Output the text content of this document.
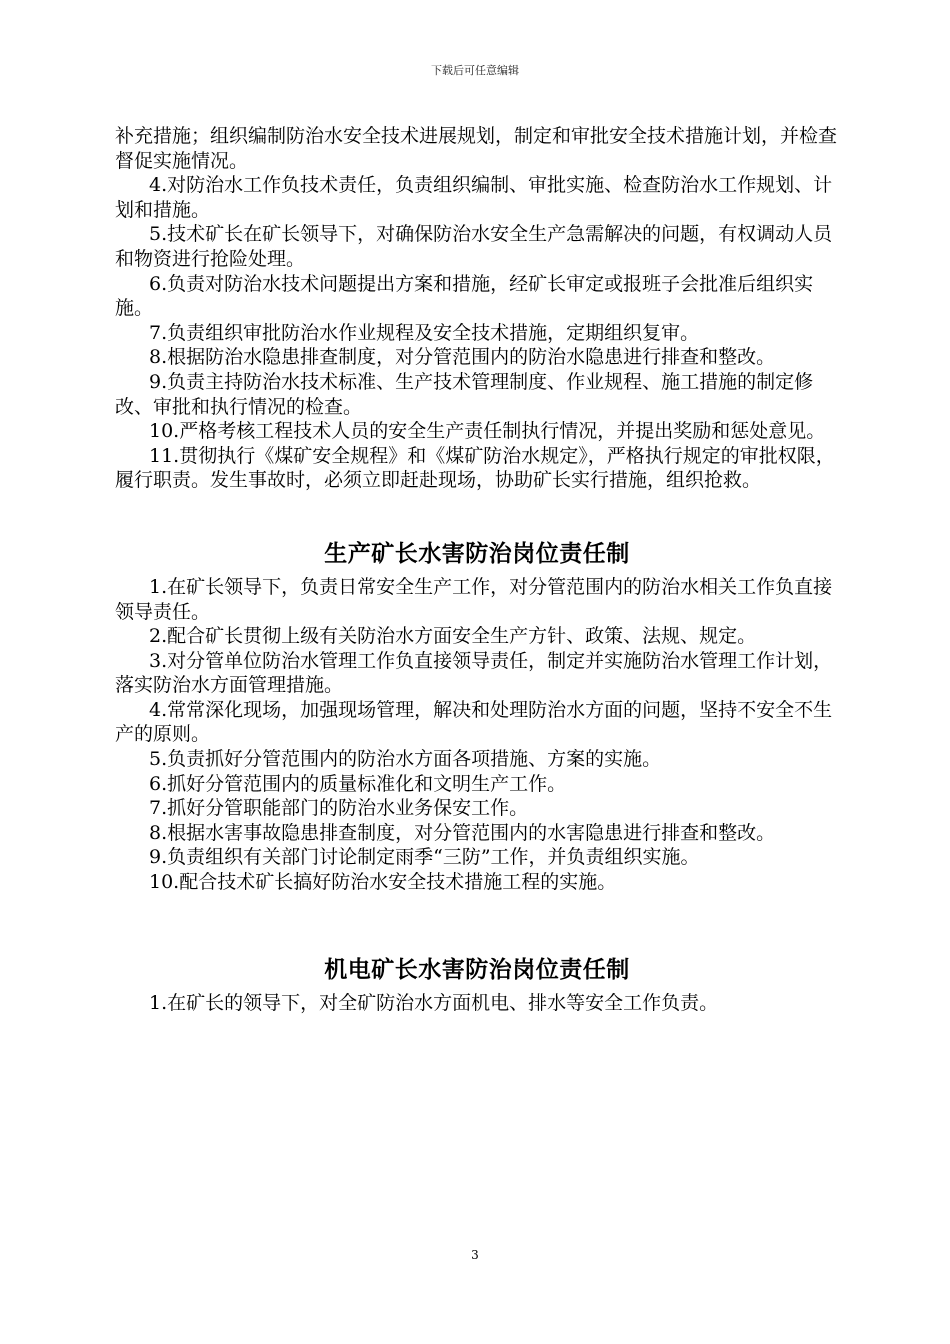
下载后可任意编辑

补充措施；组织编制防治水安全技术进展规划，制定和审批安全技术措施计划，并检查督促实施情况。

4.对防治水工作负技术责任，负责组织编制、审批实施、检查防治水工作规划、计划和措施。

5.技术矿长在矿长领导下，对确保防治水安全生产急需解决的问题，有权调动人员和物资进行抢险处理。

6.负责对防治水技术问题提出方案和措施，经矿长审定或报班子会批准后组织实施。

7.负责组织审批防治水作业规程及安全技术措施，定期组织复审。

8.根据防治水隐患排查制度，对分管范围内的防治水隐患进行排查和整改。

9.负责主持防治水技术标准、生产技术管理制度、作业规程、施工措施的制定修改、审批和执行情况的检查。

10.严格考核工程技术人员的安全生产责任制执行情况，并提出奖励和惩处意见。

11.贯彻执行《煤矿安全规程》和《煤矿防治水规定》，严格执行规定的审批权限，履行职责。发生事故时，必须立即赶赴现场，协助矿长实行措施，组织抢救。

生产矿长水害防治岗位责任制

1.在矿长领导下，负责日常安全生产工作，对分管范围内的防治水相关工作负直接领导责任。

2.配合矿长贯彻上级有关防治水方面安全生产方针、政策、法规、规定。

3.对分管单位防治水管理工作负直接领导责任，制定并实施防治水管理工作计划，落实防治水方面管理措施。

4.常常深化现场，加强现场管理，解决和处理防治水方面的问题，坚持不安全不生产的原则。

5.负责抓好分管范围内的防治水方面各项措施、方案的实施。

6.抓好分管范围内的质量标准化和文明生产工作。

7.抓好分管职能部门的防治水业务保安工作。

8.根据水害事故隐患排查制度，对分管范围内的水害隐患进行排查和整改。

9.负责组织有关部门讨论制定雨季“三防”工作，并负责组织实施。

10.配合技术矿长搞好防治水安全技术措施工程的实施。

机电矿长水害防治岗位责任制

1.在矿长的领导下，对全矿防治水方面机电、排水等安全工作负责。

3
